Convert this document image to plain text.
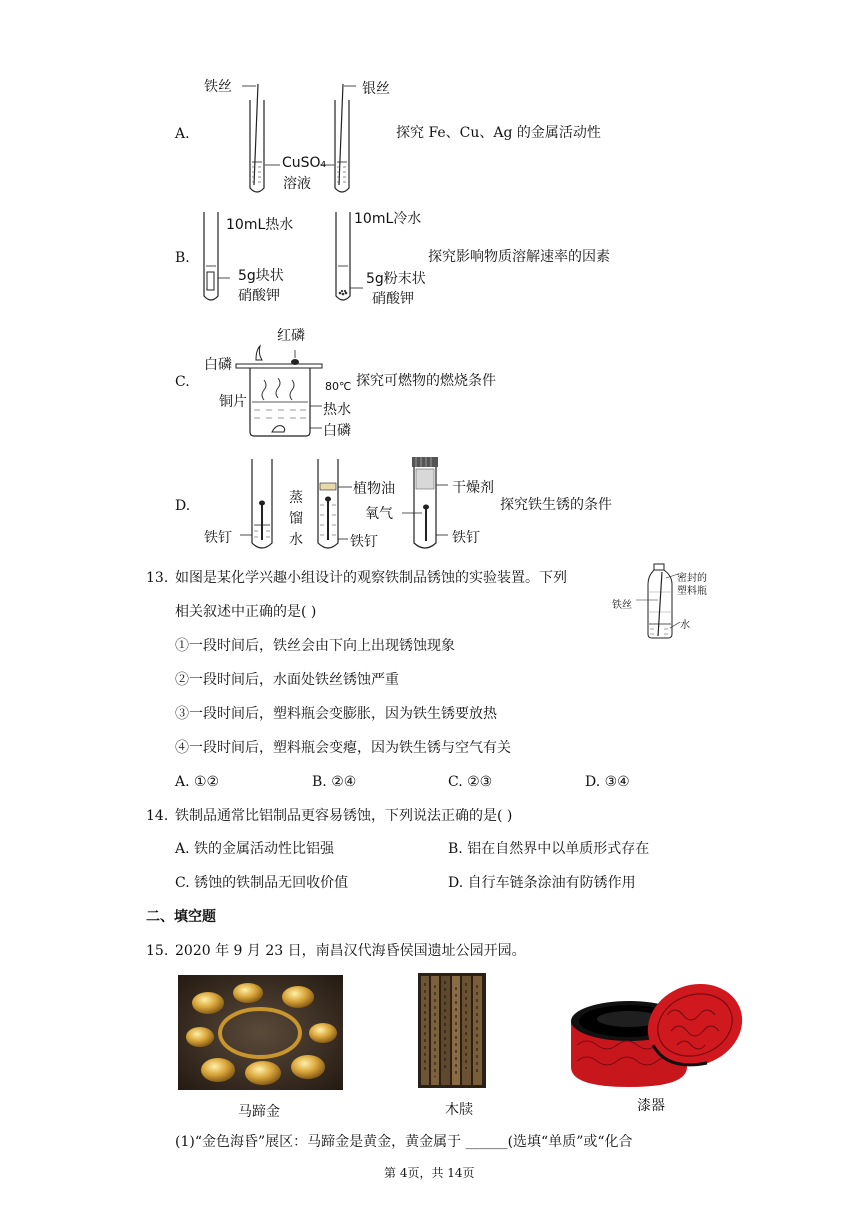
A.	探究 Fe、Cu、Ag 的金属活动性
B.	探究影响物质溶解速率的因素
C.	探究可燃物的燃烧条件
D.	探究铁生锈的条件
铁丝	银丝
CuSO₄
溶液
10mL热水	10mL冷水
5g块状
硝酸钾
5g粉末状
硝酸钾
红磷
白磷
铜片
80℃
热水
白磷
铁钉
蒸
馏
水
植物油
铁钉
干燥剂
氧气
铁钉
13. 如图是某化学兴趣小组设计的观察铁制品锈蚀的实验装置。下列
相关叙述中正确的是( )	铁丝
密封的
塑料瓶
水
①一段时间后，铁丝会由下向上出现锈蚀现象
②一段时间后，水面处铁丝锈蚀严重
③一段时间后，塑料瓶会变膨胀，因为铁生锈要放热
④一段时间后，塑料瓶会变瘪，因为铁生锈与空气有关
A. ①②	B. ②④	C. ②③	D. ③④
14. 铁制品通常比铝制品更容易锈蚀，下列说法正确的是( )
A. 铁的金属活动性比铝强	B. 铝在自然界中以单质形式存在
C. 锈蚀的铁制品无回收价值	D. 自行车链条涂油有防锈作用
二、填空题
15. 2020 年 9 月 23 日，南昌汉代海昏侯国遗址公园开园。
马蹄金	木牍	漆器
(1)“金色海昏”展区：马蹄金是黄金，黄金属于 ______(选填“单质”或“化合
第 4页，共 14页
